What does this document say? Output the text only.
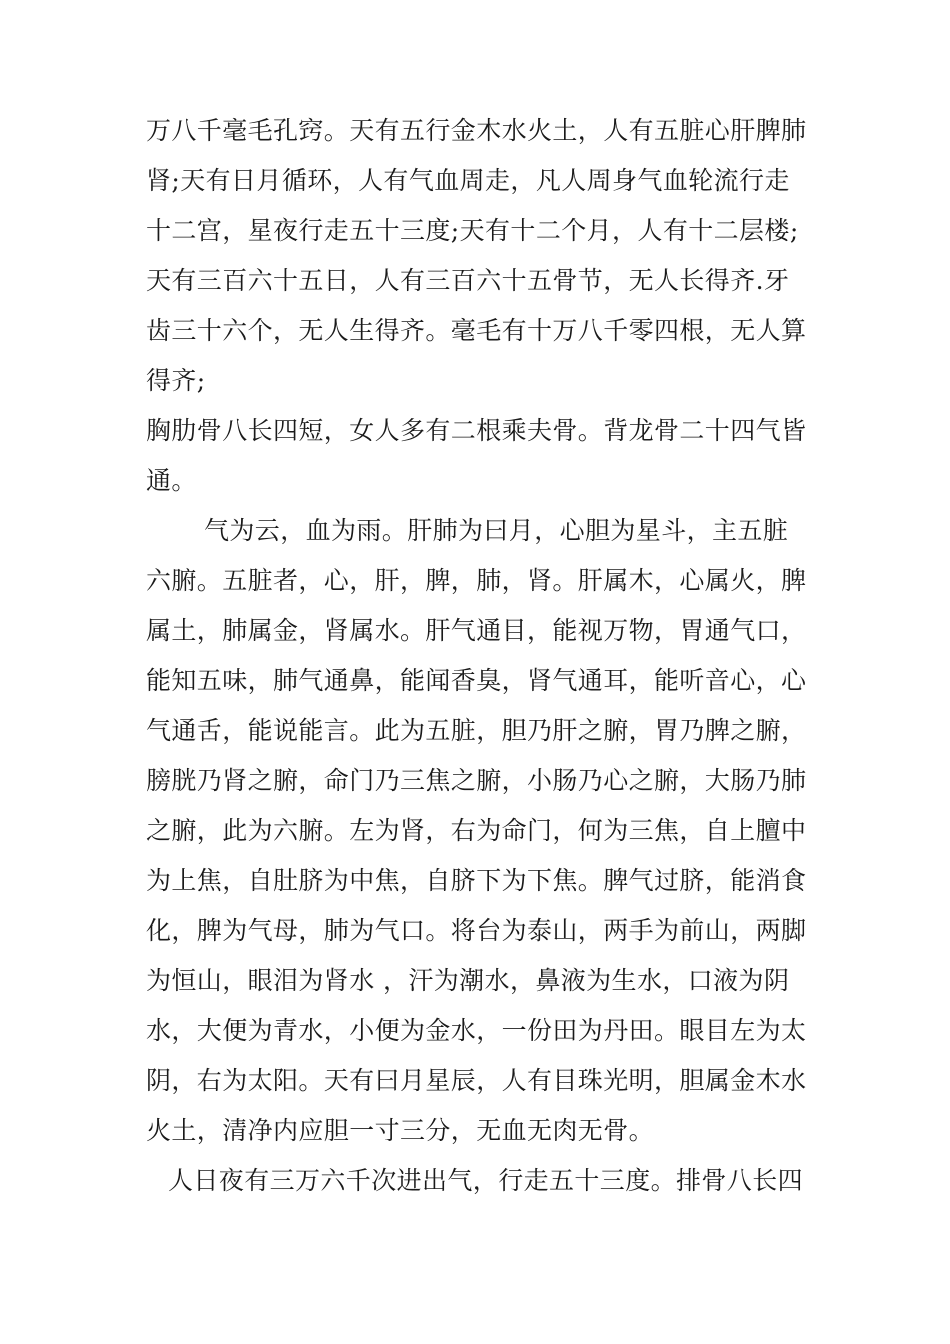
万八千毫毛孔窍。天有五行金木水火土，人有五脏心肝脾肺
肾;天有日月循环，人有气血周走，凡人周身气血轮流行走
十二宫，星夜行走五十三度;天有十二个月，人有十二层楼;
天有三百六十五日，人有三百六十五骨节，无人长得齐.牙
齿三十六个，无人生得齐。毫毛有十万八千零四根，无人算
得齐;
胸肋骨八长四短，女人多有二根乘夫骨。背龙骨二十四气皆
通。
气为云，血为雨。肝肺为曰月，心胆为星斗，主五脏
六腑。五脏者，心，肝，脾，肺，肾。肝属木，心属火，脾
属土，肺属金，肾属水。肝气通目，能视万物，胃通气口，
能知五味，肺气通鼻，能闻香臭，肾气通耳，能听音心，心
气通舌，能说能言。此为五脏，胆乃肝之腑，胃乃脾之腑，
膀胱乃肾之腑，命门乃三焦之腑，小肠乃心之腑，大肠乃肺
之腑，此为六腑。左为肾，右为命门，何为三焦，自上膻中
为上焦，自肚脐为中焦，自脐下为下焦。脾气过脐，能消食
化，脾为气母，肺为气口。将台为泰山，两手为前山，两脚
为恒山，眼泪为肾水 ，汗为潮水，鼻液为生水，口液为阴
水，大便为青水，小便为金水，一份田为丹田。眼目左为太
阴，右为太阳。天有曰月星辰，人有目珠光明，胆属金木水
火土，清净内应胆一寸三分，无血无肉无骨。
人日夜有三万六千次进出气，行走五十三度。排骨八长四
